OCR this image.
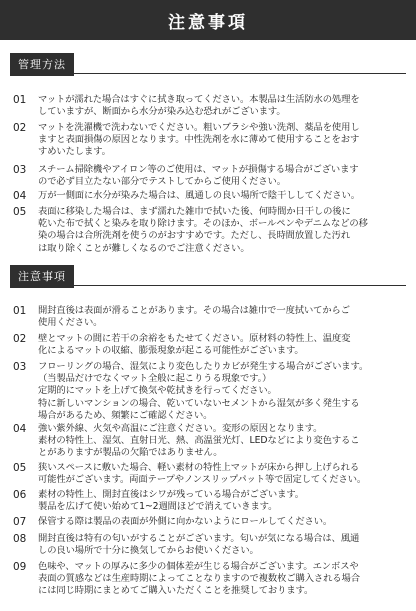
注意事項
管理方法
01 マットが濡れた場合はすぐに拭き取ってください。本製品は生活防水の処理を
していますが、断面から水分が染み込む恐れがございます。
02 マットを洗濯機で洗わないでください。粗いブラシや強い洗剤、薬品を使用し
ますと表面損傷の原因となります。中性洗剤を水に薄めて使用することをおす
すめいたします。
03 スチーム掃除機やアイロン等のご使用は、マットが損傷する場合がございます
ので必ず目立たない部分でテストしてからご使用ください。
04 万が一側面に水分が染みた場合は、風通しの良い場所で陰干ししてください。
05 表面に移染した場合は、まず濡れた雑巾で拭いた後、何時間か日干しの後に
乾いた布で拭くと染みを取り除けます。そのほか、ボールペンやデニムなどの移
染の場合は合所洗剤を使うのがおすすめです。ただし、長時間放置した汚れ
は取り除くことが難しくなるのでご注意ください。
注意事項
01 開封直後は表面が滑ることがあります。その場合は雑巾で一度拭いてからご
使用ください。
02 壁とマットの間に若干の余裕をもたせてください。原材料の特性上、温度変
化によるマットの収縮、膨張現象が起こる可能性がございます。
03 フローリングの場合、湿気により変色したりカビが発生する場合がございます。
（当製品だけでなくマット全般に起こりうる現象です。）
定期的にマットを上げて換気や乾拭きを行ってください。
特に新しいマンションの場合、乾いていないセメントから湿気が多く発生する
場合があるため、頻繁にご確認ください。
04 強い紫外線、火気や高温にご注意ください。変形の原因となります。
素材の特性上、湿気、直射日光、熱、高温蛍光灯、LEDなどにより変色するこ
とがありますが製品の欠陥ではありません。
05 狭いスペースに敷いた場合、軽い素材の特性上マットが床から押し上げられる
可能性がございます。両面テープやノンスリップパット等で固定してください。
06 素材の特性上、開封直後はシワが残っている場合がございます。
製品を広げて使い始めて1~2週間ほどで消えていきます。
07 保管する際は製品の表面が外側に向かないようにロールしてください。
08 開封直後は特有の匂いがすることがございます。匂いが気になる場合は、風通
しの良い場所で十分に換気してからお使いください。
09 色味や、マットの厚みに多少の個体差が生じる場合がございます。エンボスや
表面の質感などは生産時期によってことなりますので複数枚ご購入される場合
には同じ時期にまとめてご購入いただくことを推奨しております。
